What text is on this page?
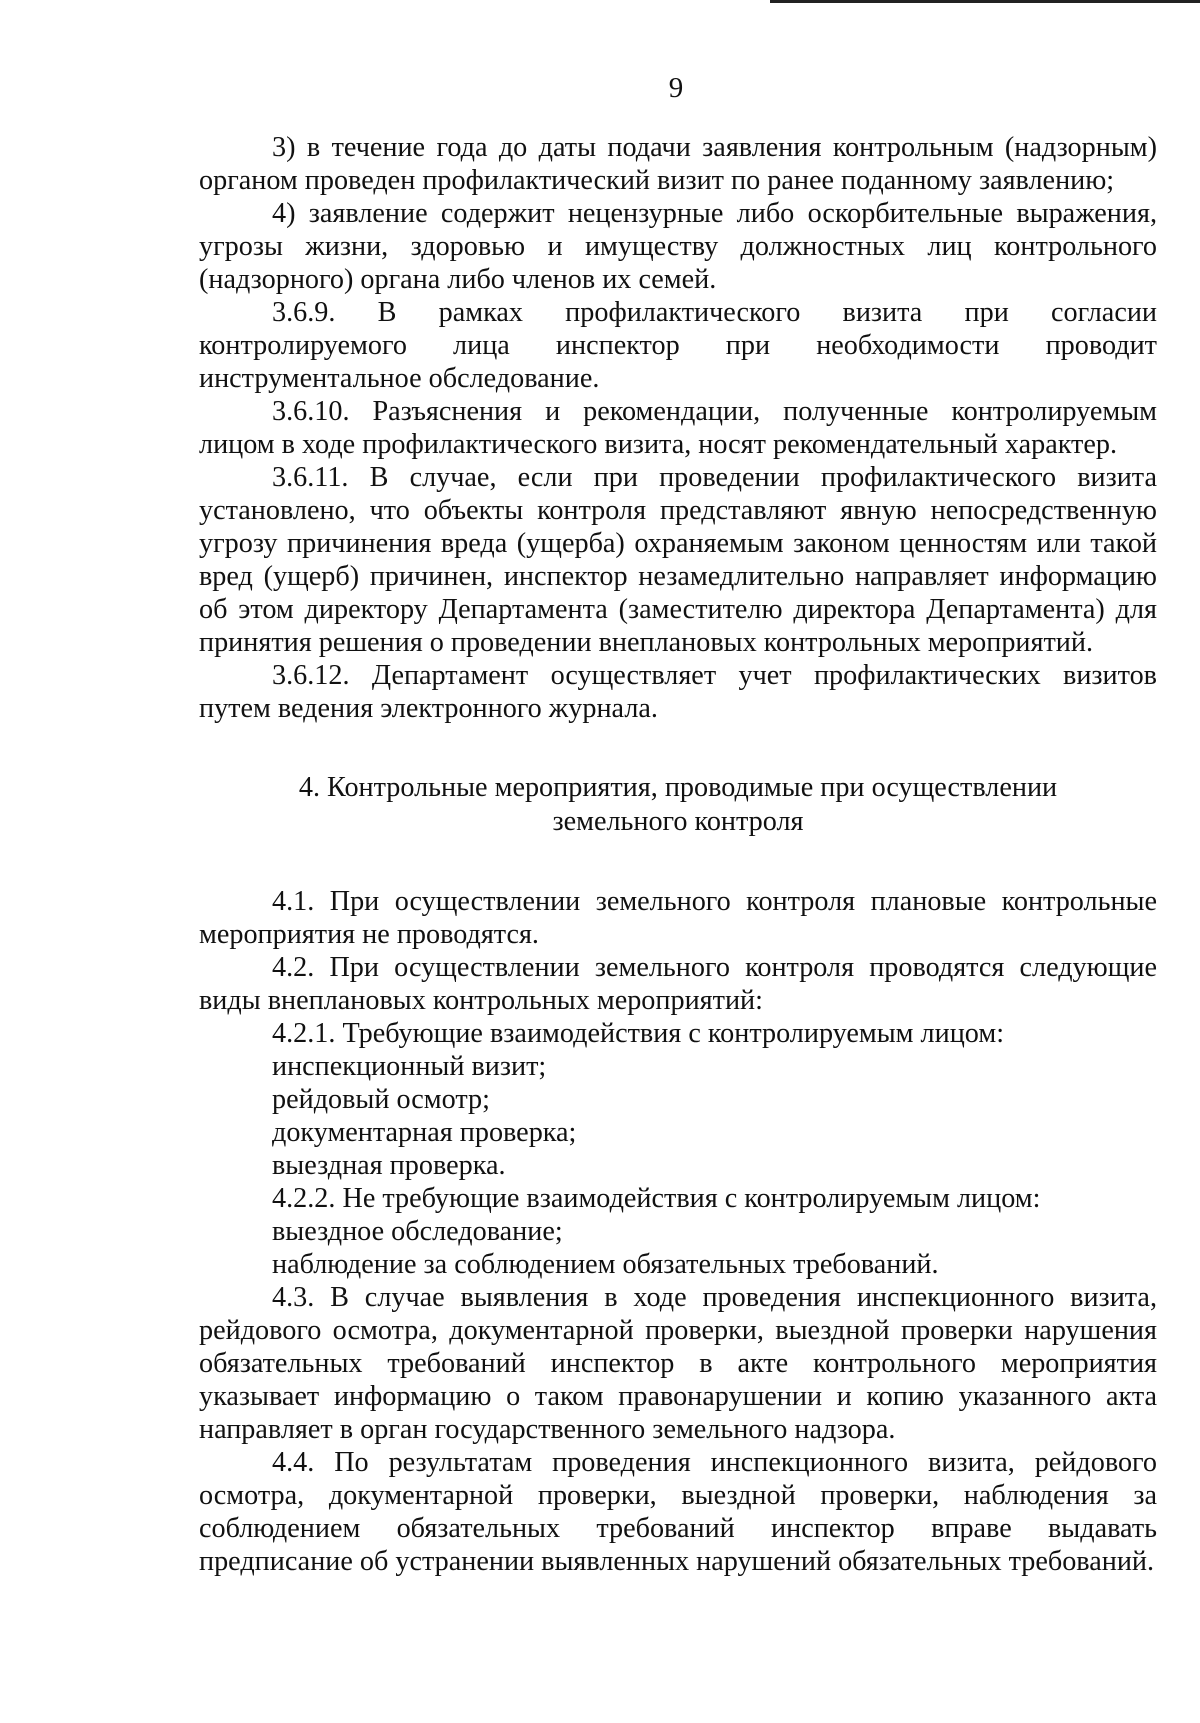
9

3) в течение года до даты подачи заявления контрольным (надзорным) органом проведен профилактический визит по ранее поданному заявлению;

4) заявление содержит нецензурные либо оскорбительные выражения, угрозы жизни, здоровью и имуществу должностных лиц контрольного (надзорного) органа либо членов их семей.

3.6.9. В рамках профилактического визита при согласии контролируемого лица инспектор при необходимости проводит инструментальное обследование.

3.6.10. Разъяснения и рекомендации, полученные контролируемым лицом в ходе профилактического визита, носят рекомендательный характер.

3.6.11. В случае, если при проведении профилактического визита установлено, что объекты контроля представляют явную непосредственную угрозу причинения вреда (ущерба) охраняемым законом ценностям или такой вред (ущерб) причинен, инспектор незамедлительно направляет информацию об этом директору Департамента (заместителю директора Департамента) для принятия решения о проведении внеплановых контрольных мероприятий.

3.6.12. Департамент осуществляет учет профилактических визитов путем ведения электронного журнала.

4. Контрольные мероприятия, проводимые при осуществлении
земельного контроля

4.1. При осуществлении земельного контроля плановые контрольные мероприятия не проводятся.

4.2. При осуществлении земельного контроля проводятся следующие виды внеплановых контрольных мероприятий:

4.2.1. Требующие взаимодействия с контролируемым лицом:

инспекционный визит;

рейдовый осмотр;

документарная проверка;

выездная проверка.

4.2.2. Не требующие взаимодействия с контролируемым лицом:

выездное обследование;

наблюдение за соблюдением обязательных требований.

4.3. В случае выявления в ходе проведения инспекционного визита, рейдового осмотра, документарной проверки, выездной проверки нарушения обязательных требований инспектор в акте контрольного мероприятия указывает информацию о таком правонарушении и копию указанного акта направляет в орган государственного земельного надзора.

4.4. По результатам проведения инспекционного визита, рейдового осмотра, документарной проверки, выездной проверки, наблюдения за соблюдением обязательных требований инспектор вправе выдавать предписание об устранении выявленных нарушений обязательных требований.
